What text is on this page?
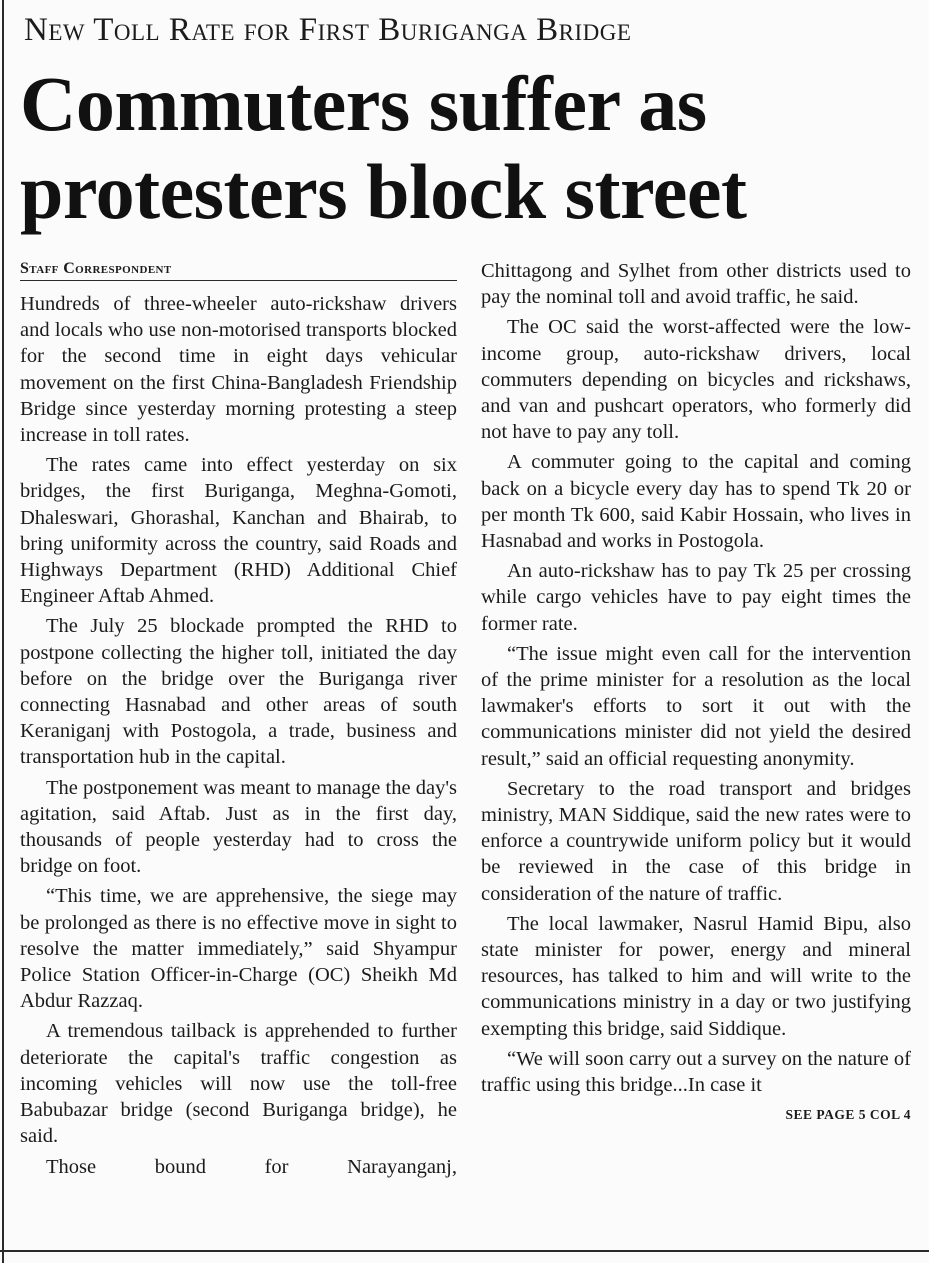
New Toll Rate for First Buriganga Bridge
Commuters suffer as
protesters block street
Staff Correspondent

Hundreds of three-wheeler auto-rickshaw drivers and locals who use non-motorised transports blocked for the second time in eight days vehicular movement on the first China-Bangladesh Friendship Bridge since yesterday morning protesting a steep increase in toll rates.

The rates came into effect yesterday on six bridges, the first Buriganga, Meghna-Gomoti, Dhaleswari, Ghorashal, Kanchan and Bhairab, to bring uniformity across the country, said Roads and Highways Department (RHD) Additional Chief Engineer Aftab Ahmed.

The July 25 blockade prompted the RHD to postpone collecting the higher toll, initiated the day before on the bridge over the Buriganga river connecting Hasnabad and other areas of south Keraniganj with Postogola, a trade, business and transportation hub in the capital.

The postponement was meant to manage the day's agitation, said Aftab. Just as in the first day, thousands of people yesterday had to cross the bridge on foot.

“This time, we are apprehensive, the siege may be prolonged as there is no effective move in sight to resolve the matter immediately,” said Shyampur Police Station Officer-in-Charge (OC) Sheikh Md Abdur Razzaq.

A tremendous tailback is apprehended to further deteriorate the capital's traffic congestion as incoming vehicles will now use the toll-free Babubazar bridge (second Buriganga bridge), he said.

Those bound for Narayanganj,

Chittagong and Sylhet from other districts used to pay the nominal toll and avoid traffic, he said.

The OC said the worst-affected were the low-income group, auto-rickshaw drivers, local commuters depending on bicycles and rickshaws, and van and pushcart operators, who formerly did not have to pay any toll.

A commuter going to the capital and coming back on a bicycle every day has to spend Tk 20 or per month Tk 600, said Kabir Hossain, who lives in Hasnabad and works in Postogola.

An auto-rickshaw has to pay Tk 25 per crossing while cargo vehicles have to pay eight times the former rate.

“The issue might even call for the intervention of the prime minister for a resolution as the local lawmaker's efforts to sort it out with the communications minister did not yield the desired result,” said an official requesting anonymity.

Secretary to the road transport and bridges ministry, MAN Siddique, said the new rates were to enforce a countrywide uniform policy but it would be reviewed in the case of this bridge in consideration of the nature of traffic.

The local lawmaker, Nasrul Hamid Bipu, also state minister for power, energy and mineral resources, has talked to him and will write to the communications ministry in a day or two justifying exempting this bridge, said Siddique.

“We will soon carry out a survey on the nature of traffic using this bridge...In case it

SEE PAGE 5 COL 4
